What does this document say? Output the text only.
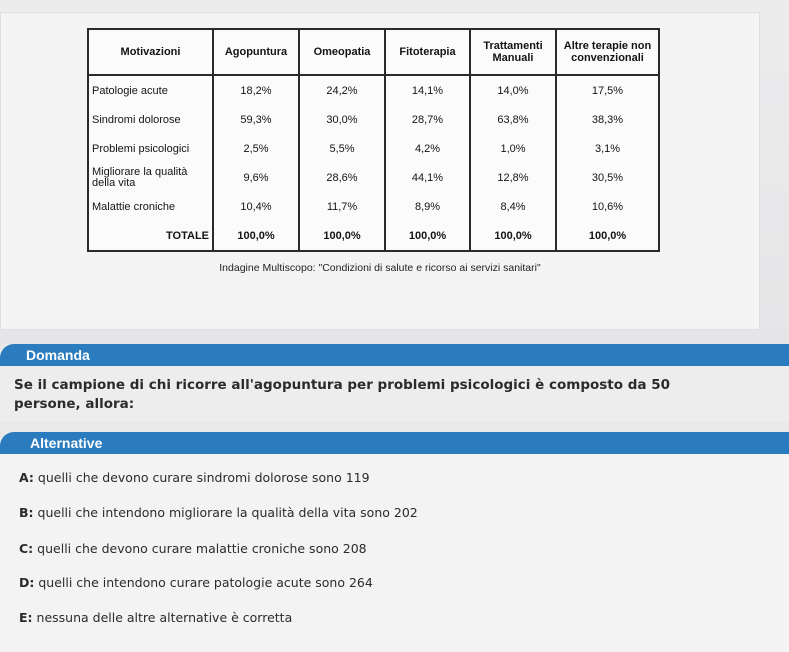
Motivazioni	Agopuntura	Omeopatia	Fitoterapia	Trattamenti Manuali	Altre terapie non convenzionali
Patologie acute	18,2%	24,2%	14,1%	14,0%	17,5%
Sindromi dolorose	59,3%	30,0%	28,7%	63,8%	38,3%
Problemi psicologici	2,5%	5,5%	4,2%	1,0%	3,1%
Migliorare la qualità della vita	9,6%	28,6%	44,1%	12,8%	30,5%
Malattie croniche	10,4%	11,7%	8,9%	8,4%	10,6%
TOTALE	100,0%	100,0%	100,0%	100,0%	100,0%
Indagine Multiscopo: "Condizioni di salute e ricorso ai servizi sanitari"
Domanda
Se il campione di chi ricorre all'agopuntura per problemi psicologici è composto da 50 persone, allora:
Alternative
A: quelli che devono curare sindromi dolorose sono 119
B: quelli che intendono migliorare la qualità della vita sono 202
C: quelli che devono curare malattie croniche sono 208
D: quelli che intendono curare patologie acute sono 264
E: nessuna delle altre alternative è corretta
